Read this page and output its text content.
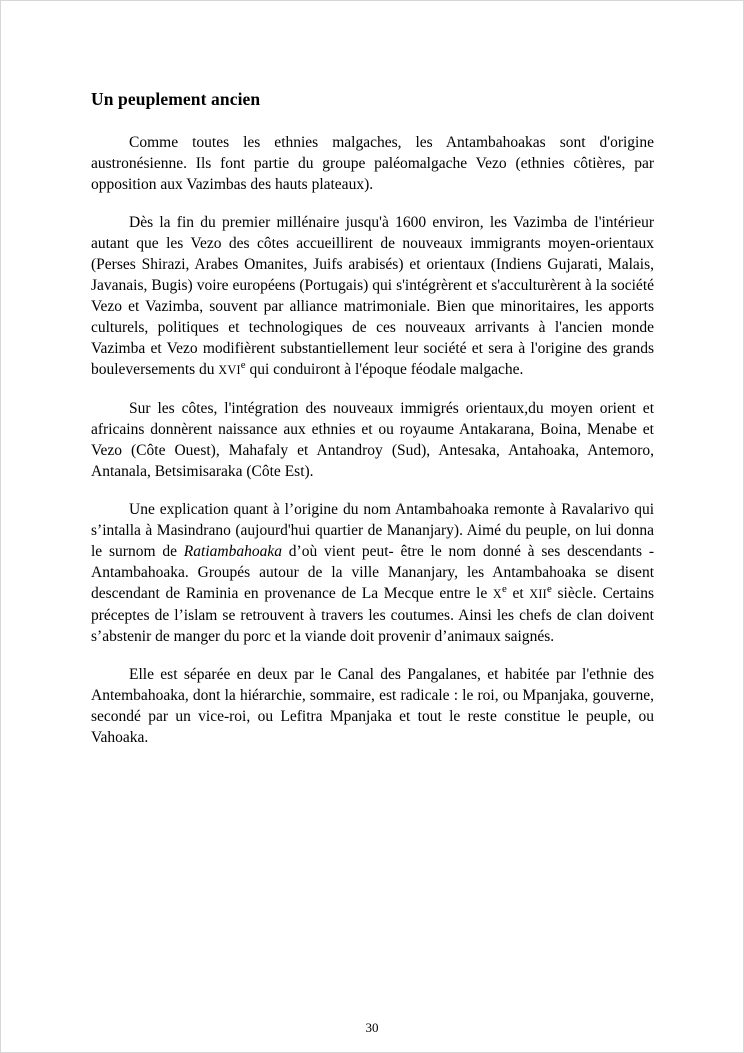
Un peuplement ancien

Comme toutes les ethnies malgaches, les Antambahoakas sont d'origine austronésienne. Ils font partie du groupe paléomalgache Vezo (ethnies côtières, par opposition aux Vazimbas des hauts plateaux).

Dès la fin du premier millénaire jusqu'à 1600 environ, les Vazimba de l'intérieur autant que les Vezo des côtes accueillirent de nouveaux immigrants moyen-orientaux (Perses Shirazi, Arabes Omanites, Juifs arabisés) et orientaux (Indiens Gujarati, Malais, Javanais, Bugis) voire européens (Portugais) qui s'intégrèrent et s'acculturèrent à la société Vezo et Vazimba, souvent par alliance matrimoniale. Bien que minoritaires, les apports culturels, politiques et technologiques de ces nouveaux arrivants à l'ancien monde Vazimba et Vezo modifièrent substantiellement leur société et sera à l'origine des grands bouleversements du XVIe qui conduiront à l'époque féodale malgache.

Sur les côtes, l'intégration des nouveaux immigrés orientaux,du moyen orient et africains donnèrent naissance aux ethnies et ou royaume Antakarana, Boina, Menabe et Vezo (Côte Ouest), Mahafaly et Antandroy (Sud), Antesaka, Antahoaka, Antemoro, Antanala, Betsimisaraka (Côte Est).

Une explication quant à l’origine du nom Antambahoaka remonte à Ravalarivo qui s’intalla à Masindrano (aujourd'hui quartier de Mananjary). Aimé du peuple, on lui donna le surnom de Ratiambahoaka d’où vient peut- être le nom donné à ses descendants - Antambahoaka. Groupés autour de la ville Mananjary, les Antambahoaka se disent descendant de Raminia en provenance de La Mecque entre le Xe et XIIe siècle. Certains préceptes de l’islam se retrouvent à travers les coutumes. Ainsi les chefs de clan doivent s’abstenir de manger du porc et la viande doit provenir d’animaux saignés.

Elle est séparée en deux par le Canal des Pangalanes, et habitée par l'ethnie des Antembahoaka, dont la hiérarchie, sommaire, est radicale : le roi, ou Mpanjaka, gouverne, secondé par un vice-roi, ou Lefitra Mpanjaka et tout le reste constitue le peuple, ou Vahoaka.

30
